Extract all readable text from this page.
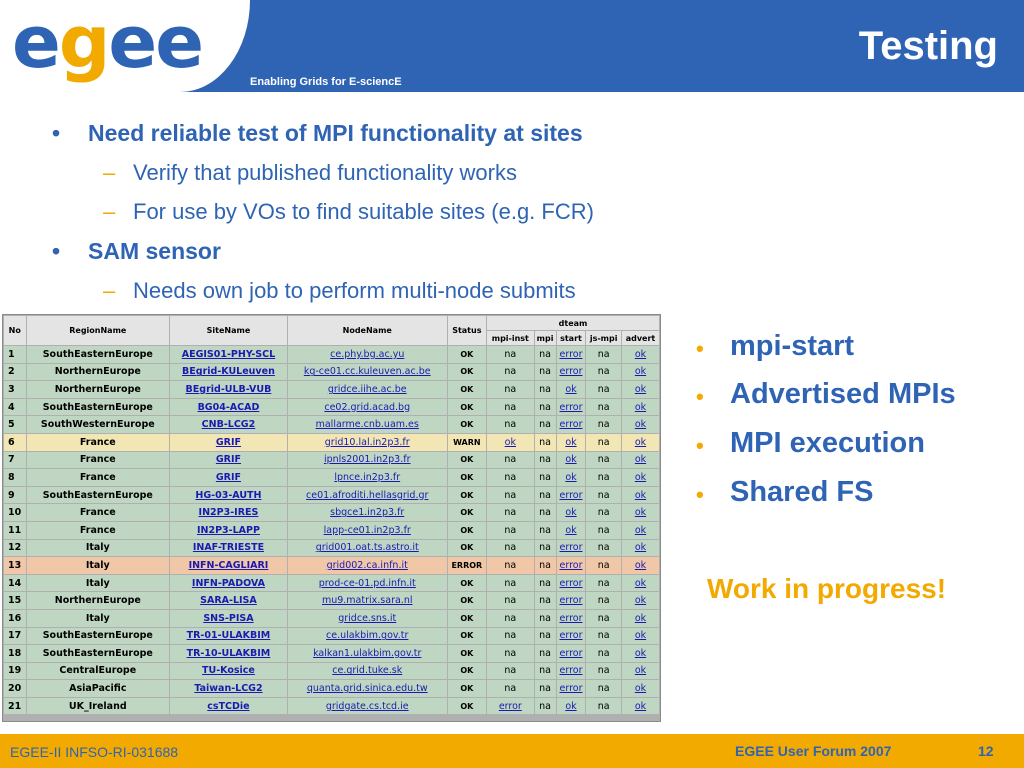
egee	Enabling Grids for E-sciencE
Testing
• Need reliable test of MPI functionality at sites
– Verify that published functionality works
– For use by VOs to find suitable sites (e.g. FCR)
• SAM sensor
– Needs own job to perform multi-node submits
No	RegionName	SiteName	NodeName	Status	dteam				
					mpi-inst	mpi	start	js-mpi	advert
1	SouthEasternEurope	AEGIS01-PHY-SCL	ce.phy.bg.ac.yu	OK	na	na	error	na	ok
2	NorthernEurope	BEgrid-KULeuven	kg-ce01.cc.kuleuven.ac.be	OK	na	na	error	na	ok
3	NorthernEurope	BEgrid-ULB-VUB	gridce.iihe.ac.be	OK	na	na	ok	na	ok
4	SouthEasternEurope	BG04-ACAD	ce02.grid.acad.bg	OK	na	na	error	na	ok
5	SouthWesternEurope	CNB-LCG2	mallarme.cnb.uam.es	OK	na	na	error	na	ok
6	France	GRIF	grid10.lal.in2p3.fr	WARN	ok	na	ok	na	ok
7	France	GRIF	ipnls2001.in2p3.fr	OK	na	na	ok	na	ok
8	France	GRIF	lpnce.in2p3.fr	OK	na	na	ok	na	ok
9	SouthEasternEurope	HG-03-AUTH	ce01.afroditi.hellasgrid.gr	OK	na	na	error	na	ok
10	France	IN2P3-IRES	sbgce1.in2p3.fr	OK	na	na	ok	na	ok
11	France	IN2P3-LAPP	lapp-ce01.in2p3.fr	OK	na	na	ok	na	ok
12	Italy	INAF-TRIESTE	grid001.oat.ts.astro.it	OK	na	na	error	na	ok
13	Italy	INFN-CAGLIARI	grid002.ca.infn.it	ERROR	na	na	error	na	ok
14	Italy	INFN-PADOVA	prod-ce-01.pd.infn.it	OK	na	na	error	na	ok
15	NorthernEurope	SARA-LISA	mu9.matrix.sara.nl	OK	na	na	error	na	ok
16	Italy	SNS-PISA	gridce.sns.it	OK	na	na	error	na	ok
17	SouthEasternEurope	TR-01-ULAKBIM	ce.ulakbim.gov.tr	OK	na	na	error	na	ok
18	SouthEasternEurope	TR-10-ULAKBIM	kalkan1.ulakbim.gov.tr	OK	na	na	error	na	ok
19	CentralEurope	TU-Kosice	ce.grid.tuke.sk	OK	na	na	error	na	ok
20	AsiaPacific	Taiwan-LCG2	quanta.grid.sinica.edu.tw	OK	na	na	error	na	ok
21	UK_Ireland	csTCDie	gridgate.cs.tcd.ie	OK	error	na	ok	na	ok
• mpi-start
• Advertised MPIs
• MPI execution
• Shared FS
Work in progress!
EGEE-II INFSO-RI-031688	EGEE User Forum 2007	12
